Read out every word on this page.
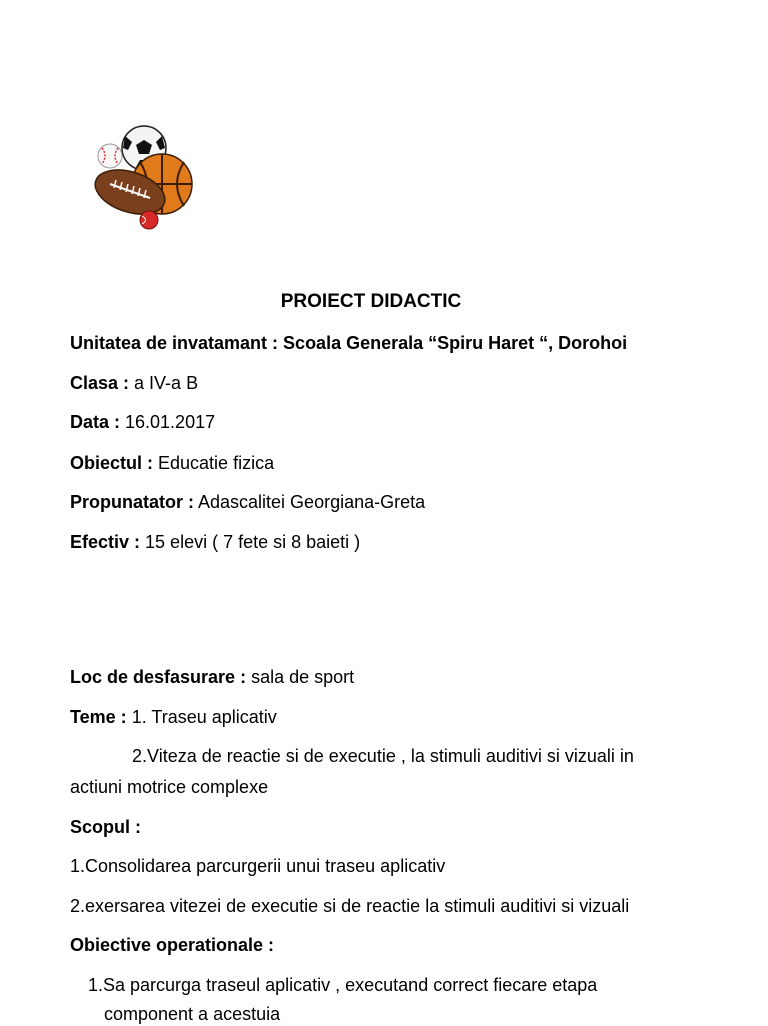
PROIECT DIDACTIC
Unitatea de invatamant : Scoala Generala “Spiru Haret “, Dorohoi
Clasa : a IV-a B
Data : 16.01.2017
Obiectul : Educatie fizica
Propunatator : Adascalitei Georgiana-Greta
Efectiv : 15 elevi ( 7 fete si 8 baieti )
Loc de desfasurare : sala de sport
Teme : 1. Traseu aplicativ
2.Viteza de reactie si de executie , la stimuli auditivi si vizuali in
actiuni motrice complexe
Scopul :
1.Consolidarea parcurgerii unui traseu aplicativ
2.exersarea vitezei de executie si de reactie la stimuli auditivi si vizuali
Obiective operationale :
1.Sa parcurga traseul aplicativ , executand correct fiecare etapa
component a acestuia
